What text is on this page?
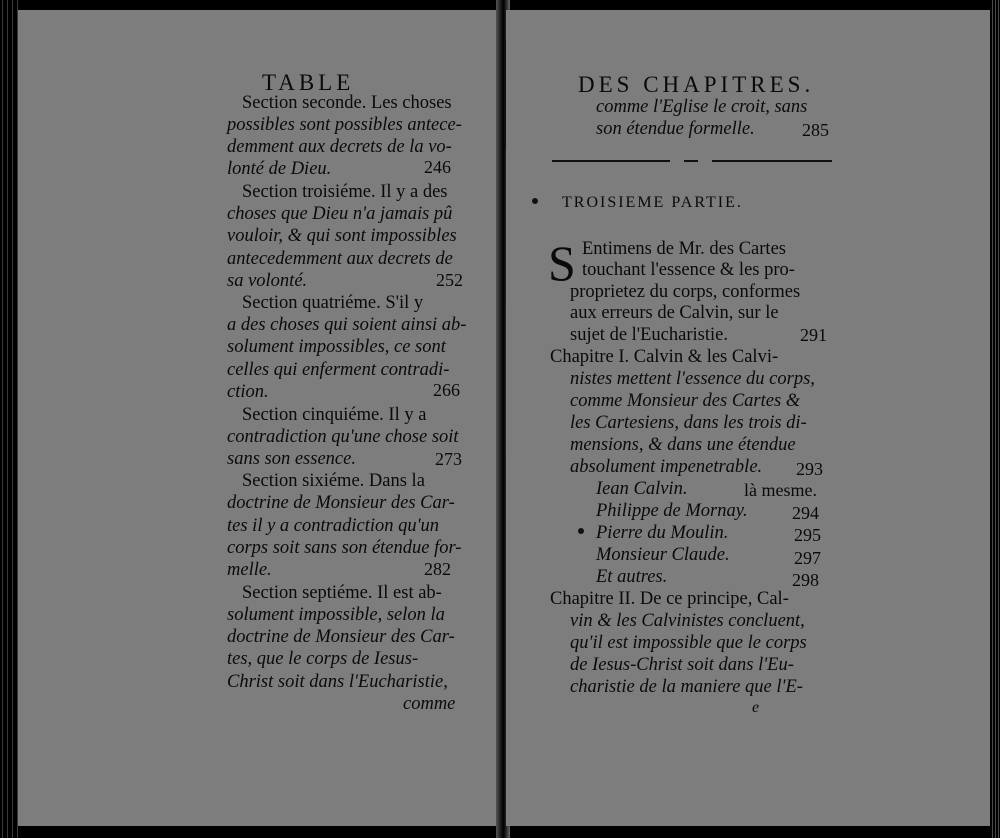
TABLE
Section seconde. Les choses
possibles sont possibles antece-
demment aux decrets de la vo-
lonté de Dieu.	246
Section troisiéme. Il y a des
choses que Dieu n'a jamais pû
vouloir, & qui sont impossibles
antecedemment aux decrets de
sa volonté.	252
Section quatriéme. S'il y
a des choses qui soient ainsi ab-
solument impossibles, ce sont
celles qui enferment contradi-
ction.	266
Section cinquiéme. Il y a
contradiction qu'une chose soit
sans son essence.	273
Section sixiéme. Dans la
doctrine de Monsieur des Car-
tes il y a contradiction qu'un
corps soit sans son étendue for-
melle.	282
Section septiéme. Il est ab-
solument impossible, selon la
doctrine de Monsieur des Car-
tes, que le corps de Iesus-
Christ soit dans l'Eucharistie,
comme
DES CHAPITRES.
comme l'Eglise le croit, sans
son étendue formelle.	285
TROISIEME PARTIE.
S Entimens de Mr. des Cartes
touchant l'essence & les pro-
proprietez du corps, conformes
aux erreurs de Calvin, sur le
sujet de l'Eucharistie.	291
Chapitre I. Calvin & les Calvi-
nistes mettent l'essence du corps,
comme Monsieur des Cartes &
les Cartesiens, dans les trois di-
mensions, & dans une étendue
absolument impenetrable. 293
Iean Calvin.	là mesme.
Philippe de Mornay. 294
Pierre du Moulin.	295
Monsieur Claude.	297
Et autres.	298
Chapitre II. De ce principe, Cal-
vin & les Calvinistes concluent,
qu'il est impossible que le corps
de Iesus-Christ soit dans l'Eu-
charistie de la maniere que l'E-
e
